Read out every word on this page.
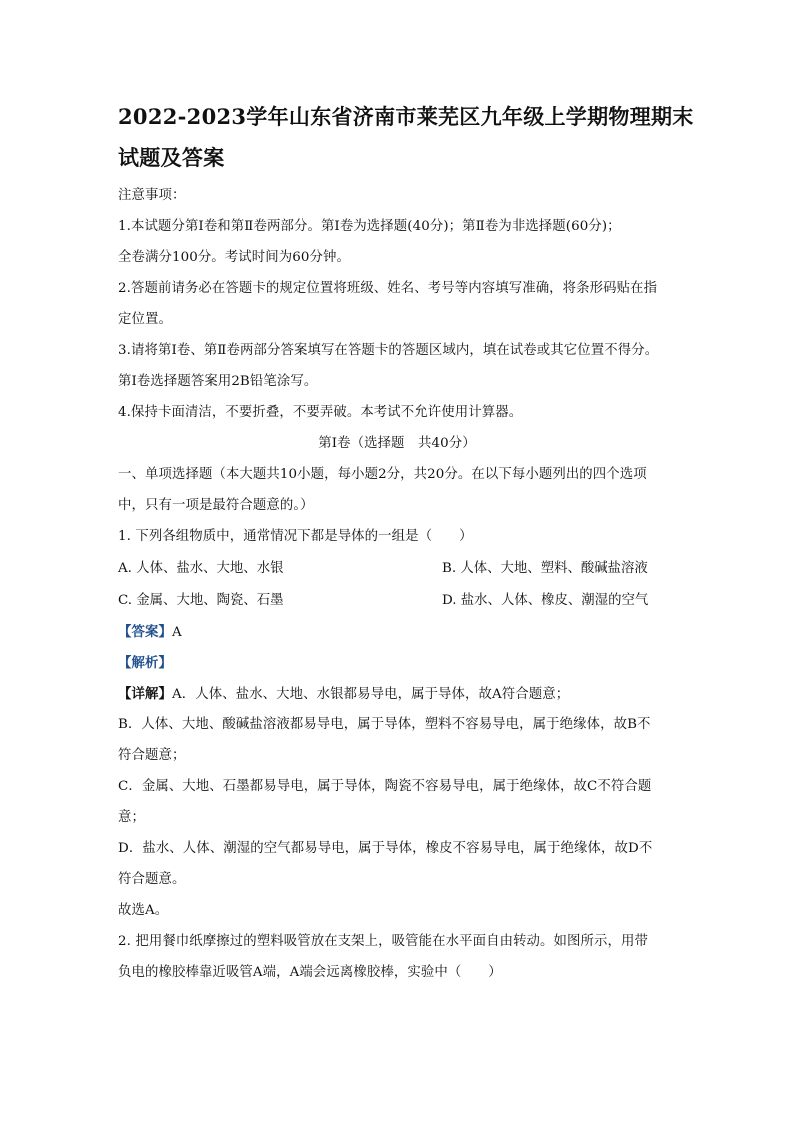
2022-2023学年山东省济南市莱芜区九年级上学期物理期末
试题及答案
注意事项：
1.本试题分第Ⅰ卷和第Ⅱ卷两部分。第Ⅰ卷为选择题(40分)；第Ⅱ卷为非选择题(60分)；
全卷满分100分。考试时间为60分钟。
2.答题前请务必在答题卡的规定位置将班级、姓名、考号等内容填写准确，将条形码贴在指
定位置。
3.请将第Ⅰ卷、第Ⅱ卷两部分答案填写在答题卡的答题区域内，填在试卷或其它位置不得分。
第Ⅰ卷选择题答案用2B铅笔涂写。
4.保持卡面清洁，不要折叠，不要弄破。本考试不允许使用计算器。
第Ⅰ卷（选择题　共40分）
一、单项选择题（本大题共10小题，每小题2分，共20分。在以下每小题列出的四个选项
中，只有一项是最符合题意的。）
1. 下列各组物质中，通常情况下都是导体的一组是（　　）
A. 人体、盐水、大地、水银	B. 人体、大地、塑料、酸碱盐溶液
C. 金属、大地、陶瓷、石墨	D. 盐水、人体、橡皮、潮湿的空气
【答案】A
【解析】
【详解】A．人体、盐水、大地、水银都易导电，属于导体，故A符合题意；
B．人体、大地、酸碱盐溶液都易导电，属于导体，塑料不容易导电，属于绝缘体，故B不
符合题意；
C．金属、大地、石墨都易导电，属于导体，陶瓷不容易导电，属于绝缘体，故C不符合题
意；
D．盐水、人体、潮湿的空气都易导电，属于导体，橡皮不容易导电，属于绝缘体，故D不
符合题意。
故选A。
2. 把用餐巾纸摩擦过的塑料吸管放在支架上，吸管能在水平面自由转动。如图所示，用带
负电的橡胶棒靠近吸管A端，A端会远离橡胶棒，实验中（　　）
